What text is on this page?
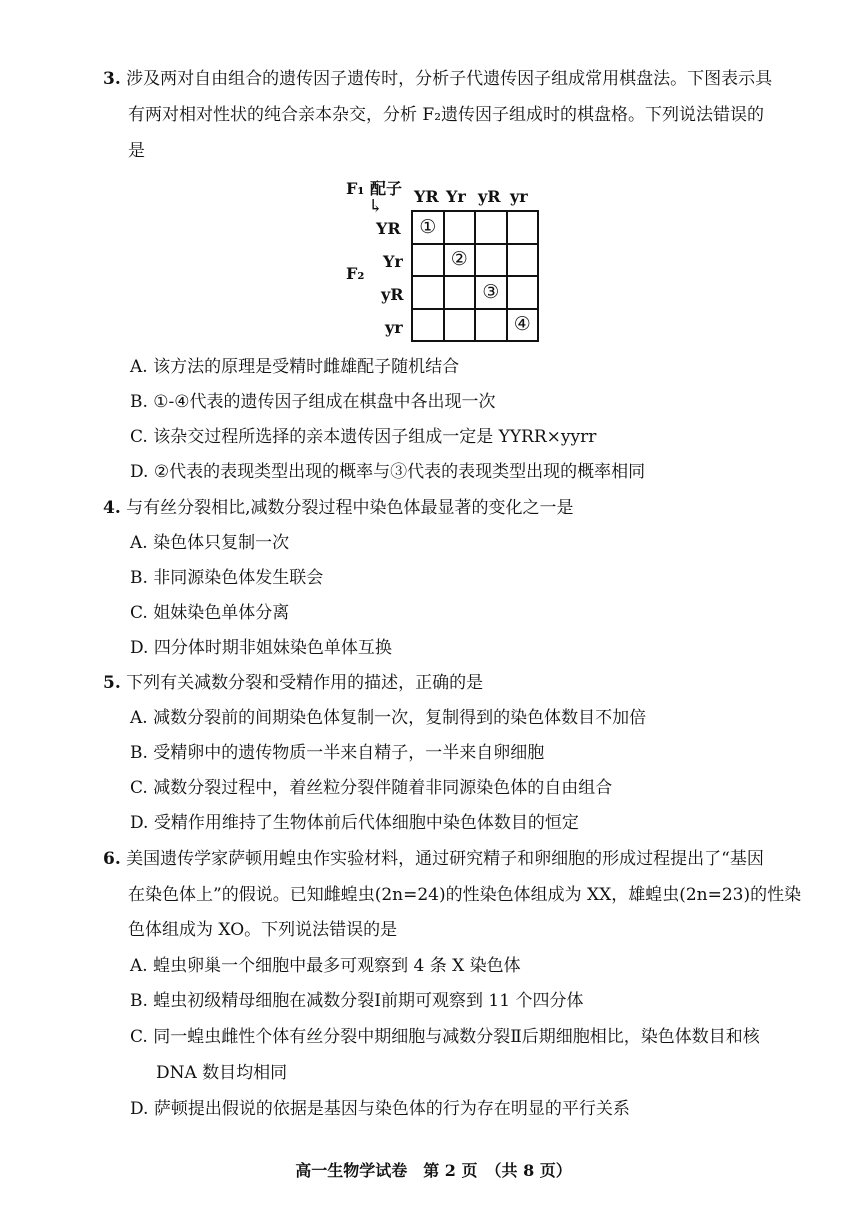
3. 涉及两对自由组合的遗传因子遗传时，分析子代遗传因子组成常用棋盘法。下图表示具
有两对相对性状的纯合亲本杂交，分析 F₂遗传因子组成时的棋盘格。下列说法错误的
是
F₁ 配子
↳ YR Yr yR yr
YR
Yr
yR
yr
F₂
①
②
③
④
A. 该方法的原理是受精时雌雄配子随机结合
B. ①-④代表的遗传因子组成在棋盘中各出现一次
C. 该杂交过程所选择的亲本遗传因子组成一定是 YYRR×yyrr
D. ②代表的表现类型出现的概率与③代表的表现类型出现的概率相同
4. 与有丝分裂相比,减数分裂过程中染色体最显著的变化之一是
A. 染色体只复制一次
B. 非同源染色体发生联会
C. 姐妹染色单体分离
D. 四分体时期非姐妹染色单体互换
5. 下列有关减数分裂和受精作用的描述，正确的是
A. 减数分裂前的间期染色体复制一次，复制得到的染色体数目不加倍
B. 受精卵中的遗传物质一半来自精子，一半来自卵细胞
C. 减数分裂过程中，着丝粒分裂伴随着非同源染色体的自由组合
D. 受精作用维持了生物体前后代体细胞中染色体数目的恒定
6. 美国遗传学家萨顿用蝗虫作实验材料，通过研究精子和卵细胞的形成过程提出了“基因
在染色体上”的假说。已知雌蝗虫(2n=24)的性染色体组成为 XX，雄蝗虫(2n=23)的性染
色体组成为 XO。下列说法错误的是
A. 蝗虫卵巢一个细胞中最多可观察到 4 条 X 染色体
B. 蝗虫初级精母细胞在减数分裂Ⅰ前期可观察到 11 个四分体
C. 同一蝗虫雌性个体有丝分裂中期细胞与减数分裂Ⅱ后期细胞相比，染色体数目和核
DNA 数目均相同
D. 萨顿提出假说的依据是基因与染色体的行为存在明显的平行关系
高一生物学试卷　第 2 页　（共 8 页）
